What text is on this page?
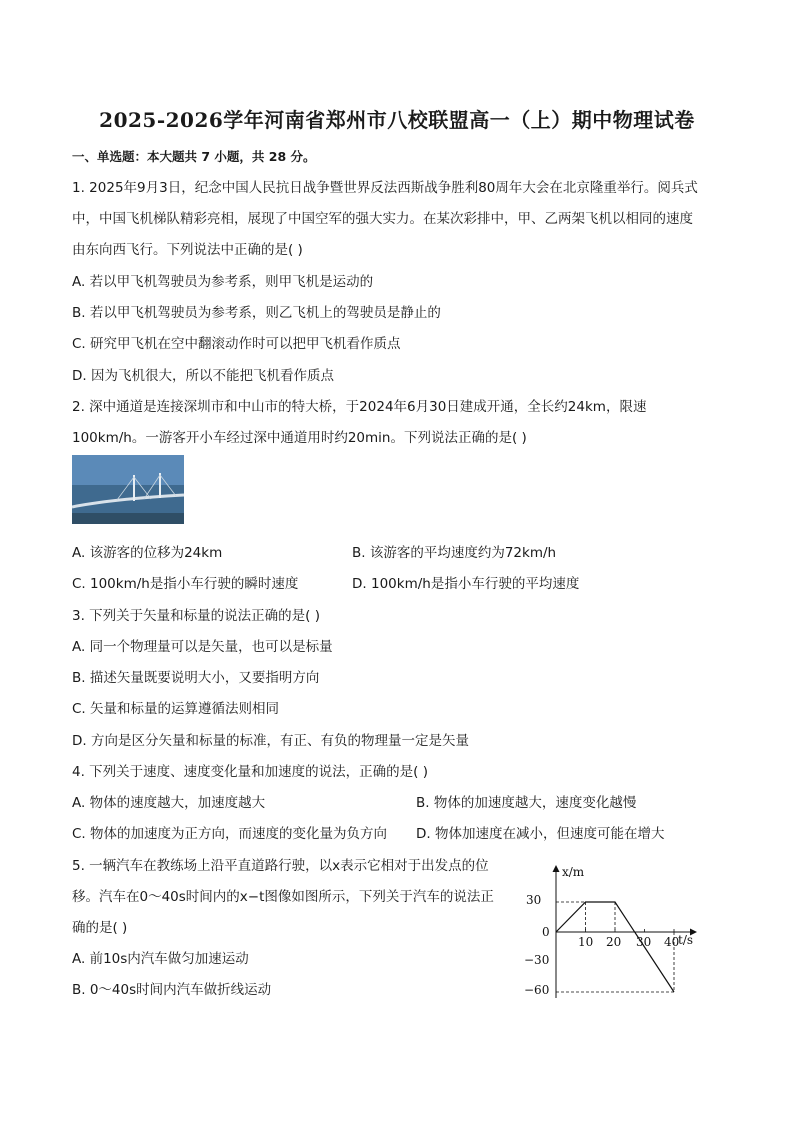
2025-2026学年河南省郑州市八校联盟高一（上）期中物理试卷
一、单选题：本大题共 7 小题，共 28 分。
1. 2025年9月3日，纪念中国人民抗日战争暨世界反法西斯战争胜利80周年大会在北京隆重举行。阅兵式
中，中国飞机梯队精彩亮相，展现了中国空军的强大实力。在某次彩排中，甲、乙两架飞机以相同的速度
由东向西飞行。下列说法中正确的是( )
A. 若以甲飞机驾驶员为参考系，则甲飞机是运动的
B. 若以甲飞机驾驶员为参考系，则乙飞机上的驾驶员是静止的
C. 研究甲飞机在空中翻滚动作时可以把甲飞机看作质点
D. 因为飞机很大，所以不能把飞机看作质点
2. 深中通道是连接深圳市和中山市的特大桥，于2024年6月30日建成开通，全长约24km，限速
100km/h。一游客开小车经过深中通道用时约20min。下列说法正确的是( )
A. 该游客的位移为24km	B. 该游客的平均速度约为72km/h
C. 100km/h是指小车行驶的瞬时速度	D. 100km/h是指小车行驶的平均速度
3. 下列关于矢量和标量的说法正确的是( )
A. 同一个物理量可以是矢量，也可以是标量
B. 描述矢量既要说明大小，又要指明方向
C. 矢量和标量的运算遵循法则相同
D. 方向是区分矢量和标量的标准，有正、有负的物理量一定是矢量
4. 下列关于速度、速度变化量和加速度的说法，正确的是( )
A. 物体的速度越大，加速度越大	B. 物体的加速度越大，速度变化越慢
C. 物体的加速度为正方向，而速度的变化量为负方向 D. 物体加速度在减小，但速度可能在增大
5. 一辆汽车在教练场上沿平直道路行驶，以x表示它相对于出发点的位
移。汽车在0～40s时间内的x−t图像如图所示，下列关于汽车的说法正
确的是( )
A. 前10s内汽车做匀加速运动
B. 0～40s时间内汽车做折线运动
x/m
t/s
30
0
−30
−60
10 20 30 40
